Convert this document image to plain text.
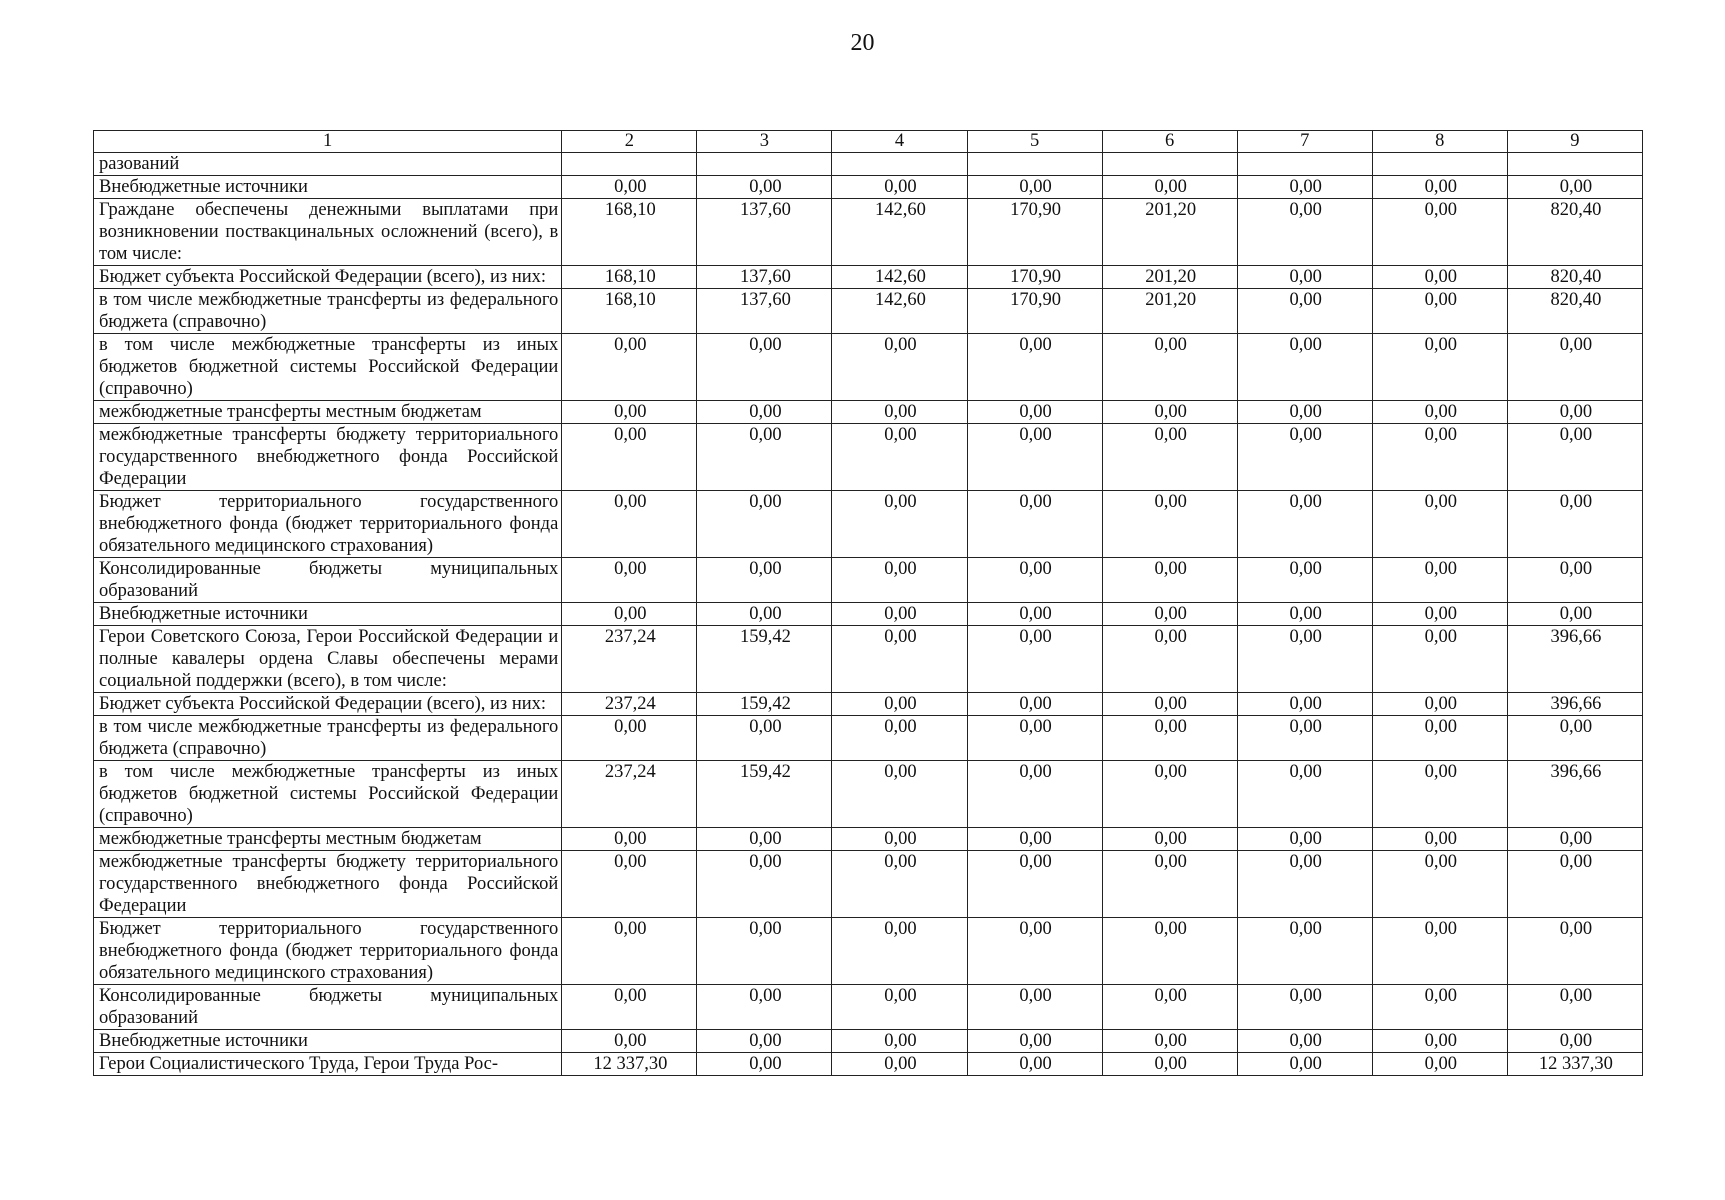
20
1	2	3	4	5	6	7	8	9
разований								
Внебюджетные источники	0,00	0,00	0,00	0,00	0,00	0,00	0,00	0,00
Граждане обеспечены денежными выплатами при возникновении поствакцинальных осложнений (всего), в том числе:	168,10	137,60	142,60	170,90	201,20	0,00	0,00	820,40
Бюджет субъекта Российской Федерации (всего), из них:	168,10	137,60	142,60	170,90	201,20	0,00	0,00	820,40
в том числе межбюджетные трансферты из федерального бюджета (справочно)	168,10	137,60	142,60	170,90	201,20	0,00	0,00	820,40
в том числе межбюджетные трансферты из иных бюджетов бюджетной системы Российской Федерации (справочно)	0,00	0,00	0,00	0,00	0,00	0,00	0,00	0,00
межбюджетные трансферты местным бюджетам	0,00	0,00	0,00	0,00	0,00	0,00	0,00	0,00
межбюджетные трансферты бюджету территориального государственного внебюджетного фонда Российской Федерации	0,00	0,00	0,00	0,00	0,00	0,00	0,00	0,00
Бюджет территориального государственного внебюджетного фонда (бюджет территориального фонда обязательного медицинского страхования)	0,00	0,00	0,00	0,00	0,00	0,00	0,00	0,00
Консолидированные бюджеты муниципальных образований	0,00	0,00	0,00	0,00	0,00	0,00	0,00	0,00
Внебюджетные источники	0,00	0,00	0,00	0,00	0,00	0,00	0,00	0,00
Герои Советского Союза, Герои Российской Федерации и полные кавалеры ордена Славы обеспечены мерами социальной поддержки (всего), в том числе:	237,24	159,42	0,00	0,00	0,00	0,00	0,00	396,66
Бюджет субъекта Российской Федерации (всего), из них:	237,24	159,42	0,00	0,00	0,00	0,00	0,00	396,66
в том числе межбюджетные трансферты из федерального бюджета (справочно)	0,00	0,00	0,00	0,00	0,00	0,00	0,00	0,00
в том числе межбюджетные трансферты из иных бюджетов бюджетной системы Российской Федерации (справочно)	237,24	159,42	0,00	0,00	0,00	0,00	0,00	396,66
межбюджетные трансферты местным бюджетам	0,00	0,00	0,00	0,00	0,00	0,00	0,00	0,00
межбюджетные трансферты бюджету территориального государственного внебюджетного фонда Российской Федерации	0,00	0,00	0,00	0,00	0,00	0,00	0,00	0,00
Бюджет территориального государственного внебюджетного фонда (бюджет территориального фонда обязательного медицинского страхования)	0,00	0,00	0,00	0,00	0,00	0,00	0,00	0,00
Консолидированные бюджеты муниципальных образований	0,00	0,00	0,00	0,00	0,00	0,00	0,00	0,00
Внебюджетные источники	0,00	0,00	0,00	0,00	0,00	0,00	0,00	0,00
Герои Социалистического Труда, Герои Труда Рос-	12 337,30	0,00	0,00	0,00	0,00	0,00	0,00	12 337,30
